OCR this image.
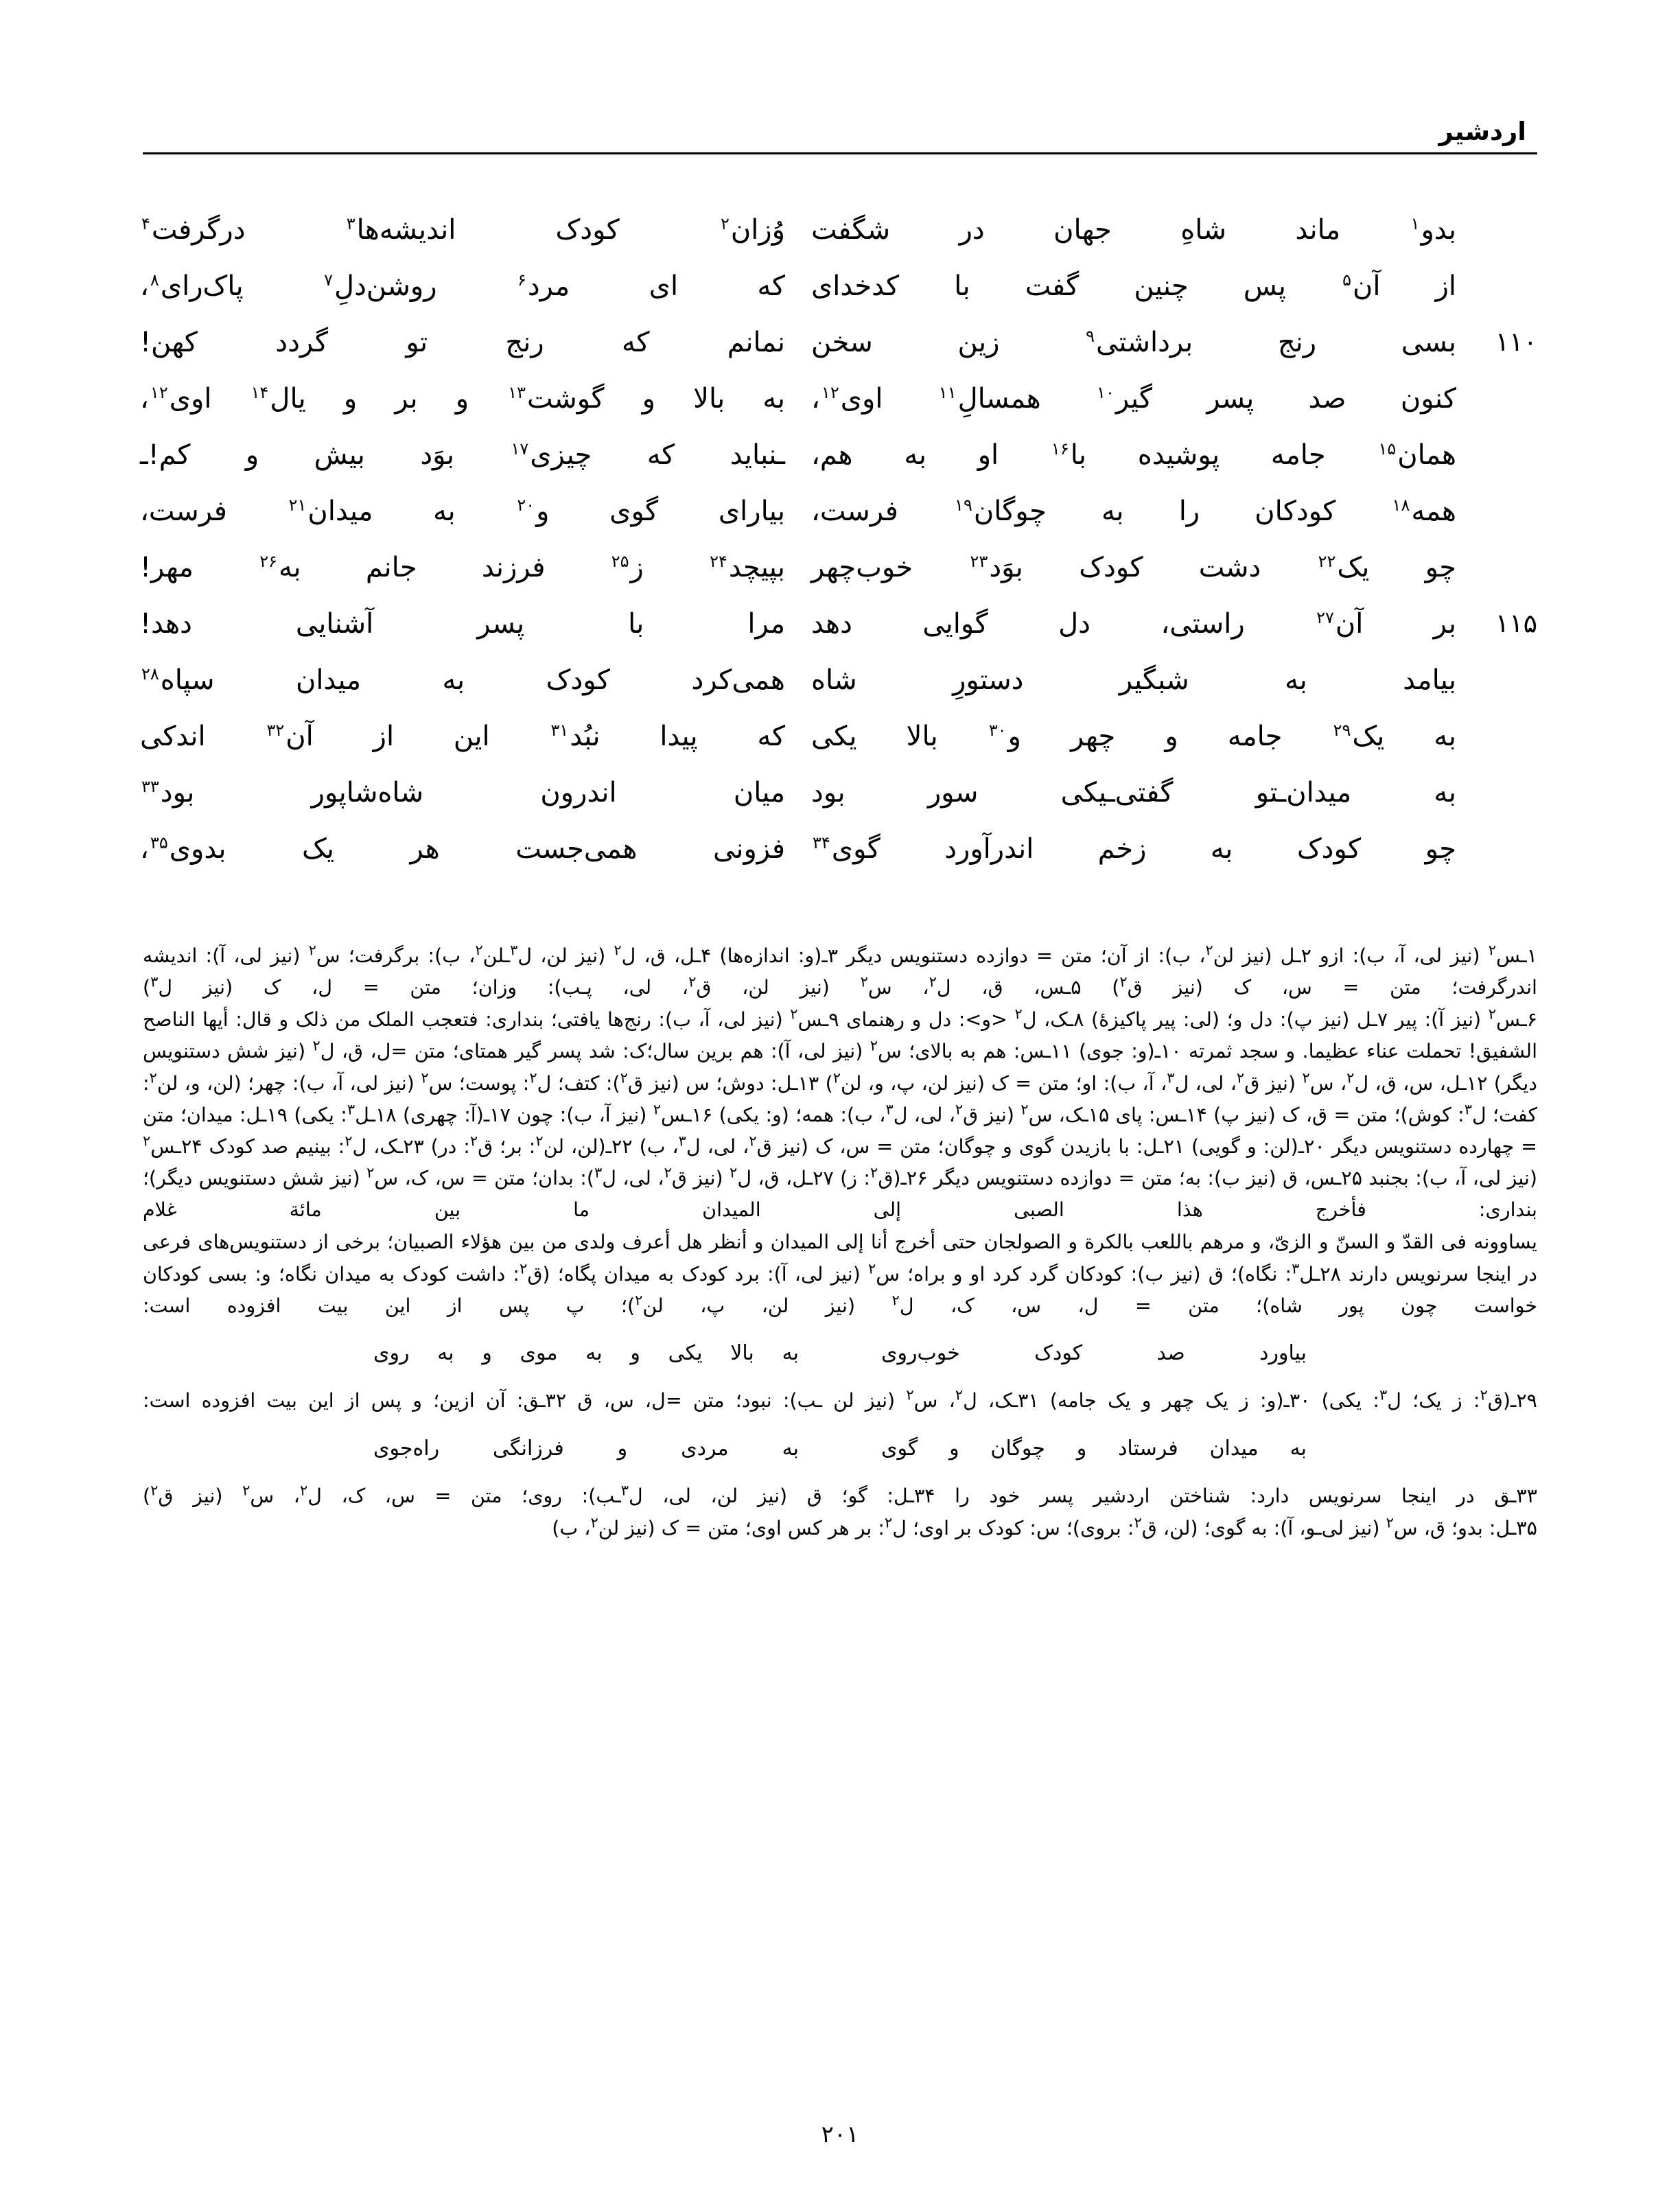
اردشیر
بدو$^۱$ ماند شاهِ جهان در شگفت
وُزان$^۲$ کودک اندیشه‌ها$^۳$ درگرفت$^۴$
از آن$^۵$ پس چنین گفت با کدخدای
که ای مرد$^۶$ روشن‌دلِ$^۷$ پاک‌رای$^۸$،
۱۱۰
بسی رنج برداشتی$^۹$ زین سخن
نمانم که رنج تو گردد کهن!
کنون صد پسر گیر$^{۱۰}$ همسالِ$^{۱۱}$ اوی$^{۱۲}$،
به بالا و گوشت$^{۱۳}$ و بر و یال$^{۱۴}$ اوی$^{۱۲}$،
همان$^{۱۵}$ جامه پوشیده با$^{۱۶}$ او به هم،
ـنباید که چیزی$^{۱۷}$ بوَد بیش و کم!ـ
همه$^{۱۸}$ کودکان را به چوگان$^{۱۹}$ فرست،
بیارای گوی و$^{۲۰}$ به میدان$^{۲۱}$ فرست،
چو یک$^{۲۲}$ دشت کودک بوَد$^{۲۳}$ خوب‌چهر
بپیچد$^{۲۴}$ ز$^{۲۵}$ فرزند جانم به$^{۲۶}$ مهر!
۱۱۵
بر آن$^{۲۷}$ راستی، دل گوایی دهد
مرا با پسر آشنایی دهد!
بیامد به شبگیر دستورِ شاه
همی‌کرد کودک به میدان سپاه$^{۲۸}$
به یک$^{۲۹}$ جامه و چهر و$^{۳۰}$ بالا یکی
که پیدا نبُد$^{۳۱}$ این از آن$^{۳۲}$ اندکی
به میدان‌ـتو گفتی‌ـیکی سور بود
میان اندرون شاه‌شاپور بود$^{۳۳}$
چو کودک به زخم اندرآورد گوی$^{۳۴}$
فزونی همی‌جست هر یک بدوی$^{۳۵}$،
۱ـس$^۲$ (نیز لی، آ، ب): ازو ۲ـل (نیز لن$^۲$، ب): از آن؛ متن = دوازده دستنویس دیگر ۳ـ(و: اندازه‌ها) ۴ـل، ق، ل$^۲$ (نیز لن، ل$^۳$ـلن$^۲$، ب): برگرفت؛ س$^۲$ (نیز لی، آ): اندیشه اندرگرفت؛ متن = س، ک (نیز ق$^۲$) ۵ـس، ق، ل$^۲$، س$^۲$ (نیز لن، ق$^۲$، لی، پـب): وزان؛ متن = ل، ک (نیز ل$^۳$)
۶ـس$^۲$ (نیز آ): پیر ۷ـل (نیز پ): دل و؛ (لی: پیر پاکیزۀ) ۸ـک، ل$^۲$ <و>: دل و رهنمای ۹ـس$^۲$ (نیز لی، آ، ب): رنج‌ها یافتی؛ بنداری: فتعجب الملک من ذلک و قال: أیها الناصح الشفیق! تحملت عناء عظیما. و سجد ثمرته ۱۰ـ(و: جوی) ۱۱ـس: هم به بالای؛ س$^۲$ (نیز لی، آ): هم برین سال؛ک: شد پسر گیر همتای؛ متن =ل، ق، ل$^۲$ (نیز شش دستنویس دیگر) ۱۲ـل، س، ق، ل$^۲$، س$^۲$ (نیز ق$^۲$، لی، ل$^۳$، آ، ب): او؛ متن = ک (نیز لن، پ، و، لن$^۲$) ۱۳ـل: دوش؛ س (نیز ق$^۲$): کتف؛ ل$^۲$: پوست؛ س$^۲$ (نیز لی، آ، ب): چهر؛ (لن، و، لن$^۲$: کفت؛ ل$^۳$: کوش)؛ متن = ق، ک (نیز پ) ۱۴ـس: پای ۱۵ـک، س$^۲$ (نیز ق$^۲$، لی، ل$^۳$، ب): همه؛ (و: یکی) ۱۶ـس$^۲$ (نیز آ، ب): چون ۱۷ـ(آ: چهری) ۱۸ـل$^۳$: یکی) ۱۹ـل: میدان؛ متن = چهارده دستنویس دیگر ۲۰ـ(لن: و گویی) ۲۱ـل: با بازیدن گوی و چوگان؛ متن = س، ک (نیز ق$^۲$، لی، ل$^۳$، ب) ۲۲ـ(لن، لن$^۲$: بر؛ ق$^۲$: در) ۲۳ـک، ل$^۲$: بینیم صد کودک ۲۴ـس$^۲$ (نیز لی، آ، ب): بجنبد ۲۵ـس، ق (نیز ب): به؛ متن = دوازده دستنویس دیگر ۲۶ـ(ق$^۲$: ز) ۲۷ـل، ق، ل$^۲$ (نیز ق$^۲$، لی، ل$^۳$): بدان؛ متن = س، ک، س$^۲$ (نیز شش دستنویس دیگر)؛ بنداری: فأخرج هذا الصبی إلی المیدان ما بین مائة غلام
یساوونه فی القدّ و السنّ و الزیّ، و مرهم باللعب بالکرة و الصولجان حتی أخرج أنا إلی المیدان و أنظر هل أعرف ولدی من بین هؤلاء الصبیان؛ برخی از دستنویس‌های فرعی در اینجا سرنویس دارند ۲۸ـل$^۳$: نگاه)؛ ق (نیز ب): کودکان گرد کرد او و براه؛ س$^۲$ (نیز لی، آ): برد کودک به میدان پگاه؛ (ق$^۲$: داشت کودک به میدان نگاه؛ و: بسی کودکان خواست چون پور شاه)؛ متن = ل، س، ک، ل$^۲$ (نیز لن، پ، لن$^۲$)؛ پ پس از این بیت افزوده است:
بیاورد صد کودک خوب‌روی
به بالا یکی و به موی و به روی
۲۹ـ(ق$^۲$: ز یک؛ ل$^۳$: یکی) ۳۰ـ(و: ز یک چهر و یک جامه) ۳۱ـک، ل$^۲$، س$^۲$ (نیز لن ـب): نبود؛ متن =ل، س، ق ۳۲ـق: آن ازین؛ و پس از این بیت افزوده است:
به میدان فرستاد و چوگان و گوی
به مردی و فرزانگی راه‌جوی
۳۳ـق در اینجا سرنویس دارد: شناختن اردشیر پسر خود را ۳۴ـل: گو؛ ق (نیز لن، لی، ل$^۳$ـب): روی؛ متن = س، ک، ل$^۲$، س$^۲$ (نیز ق$^۲$)
۳۵ـل: بدو؛ ق، س$^۲$ (نیز لی‌ـو، آ): به گوی؛ (لن، ق$^۲$: بروی)؛ س: کودک بر اوی؛ ل$^۲$: بر هر کس اوی؛ متن = ک (نیز لن$^۲$، ب)
۲۰۱
